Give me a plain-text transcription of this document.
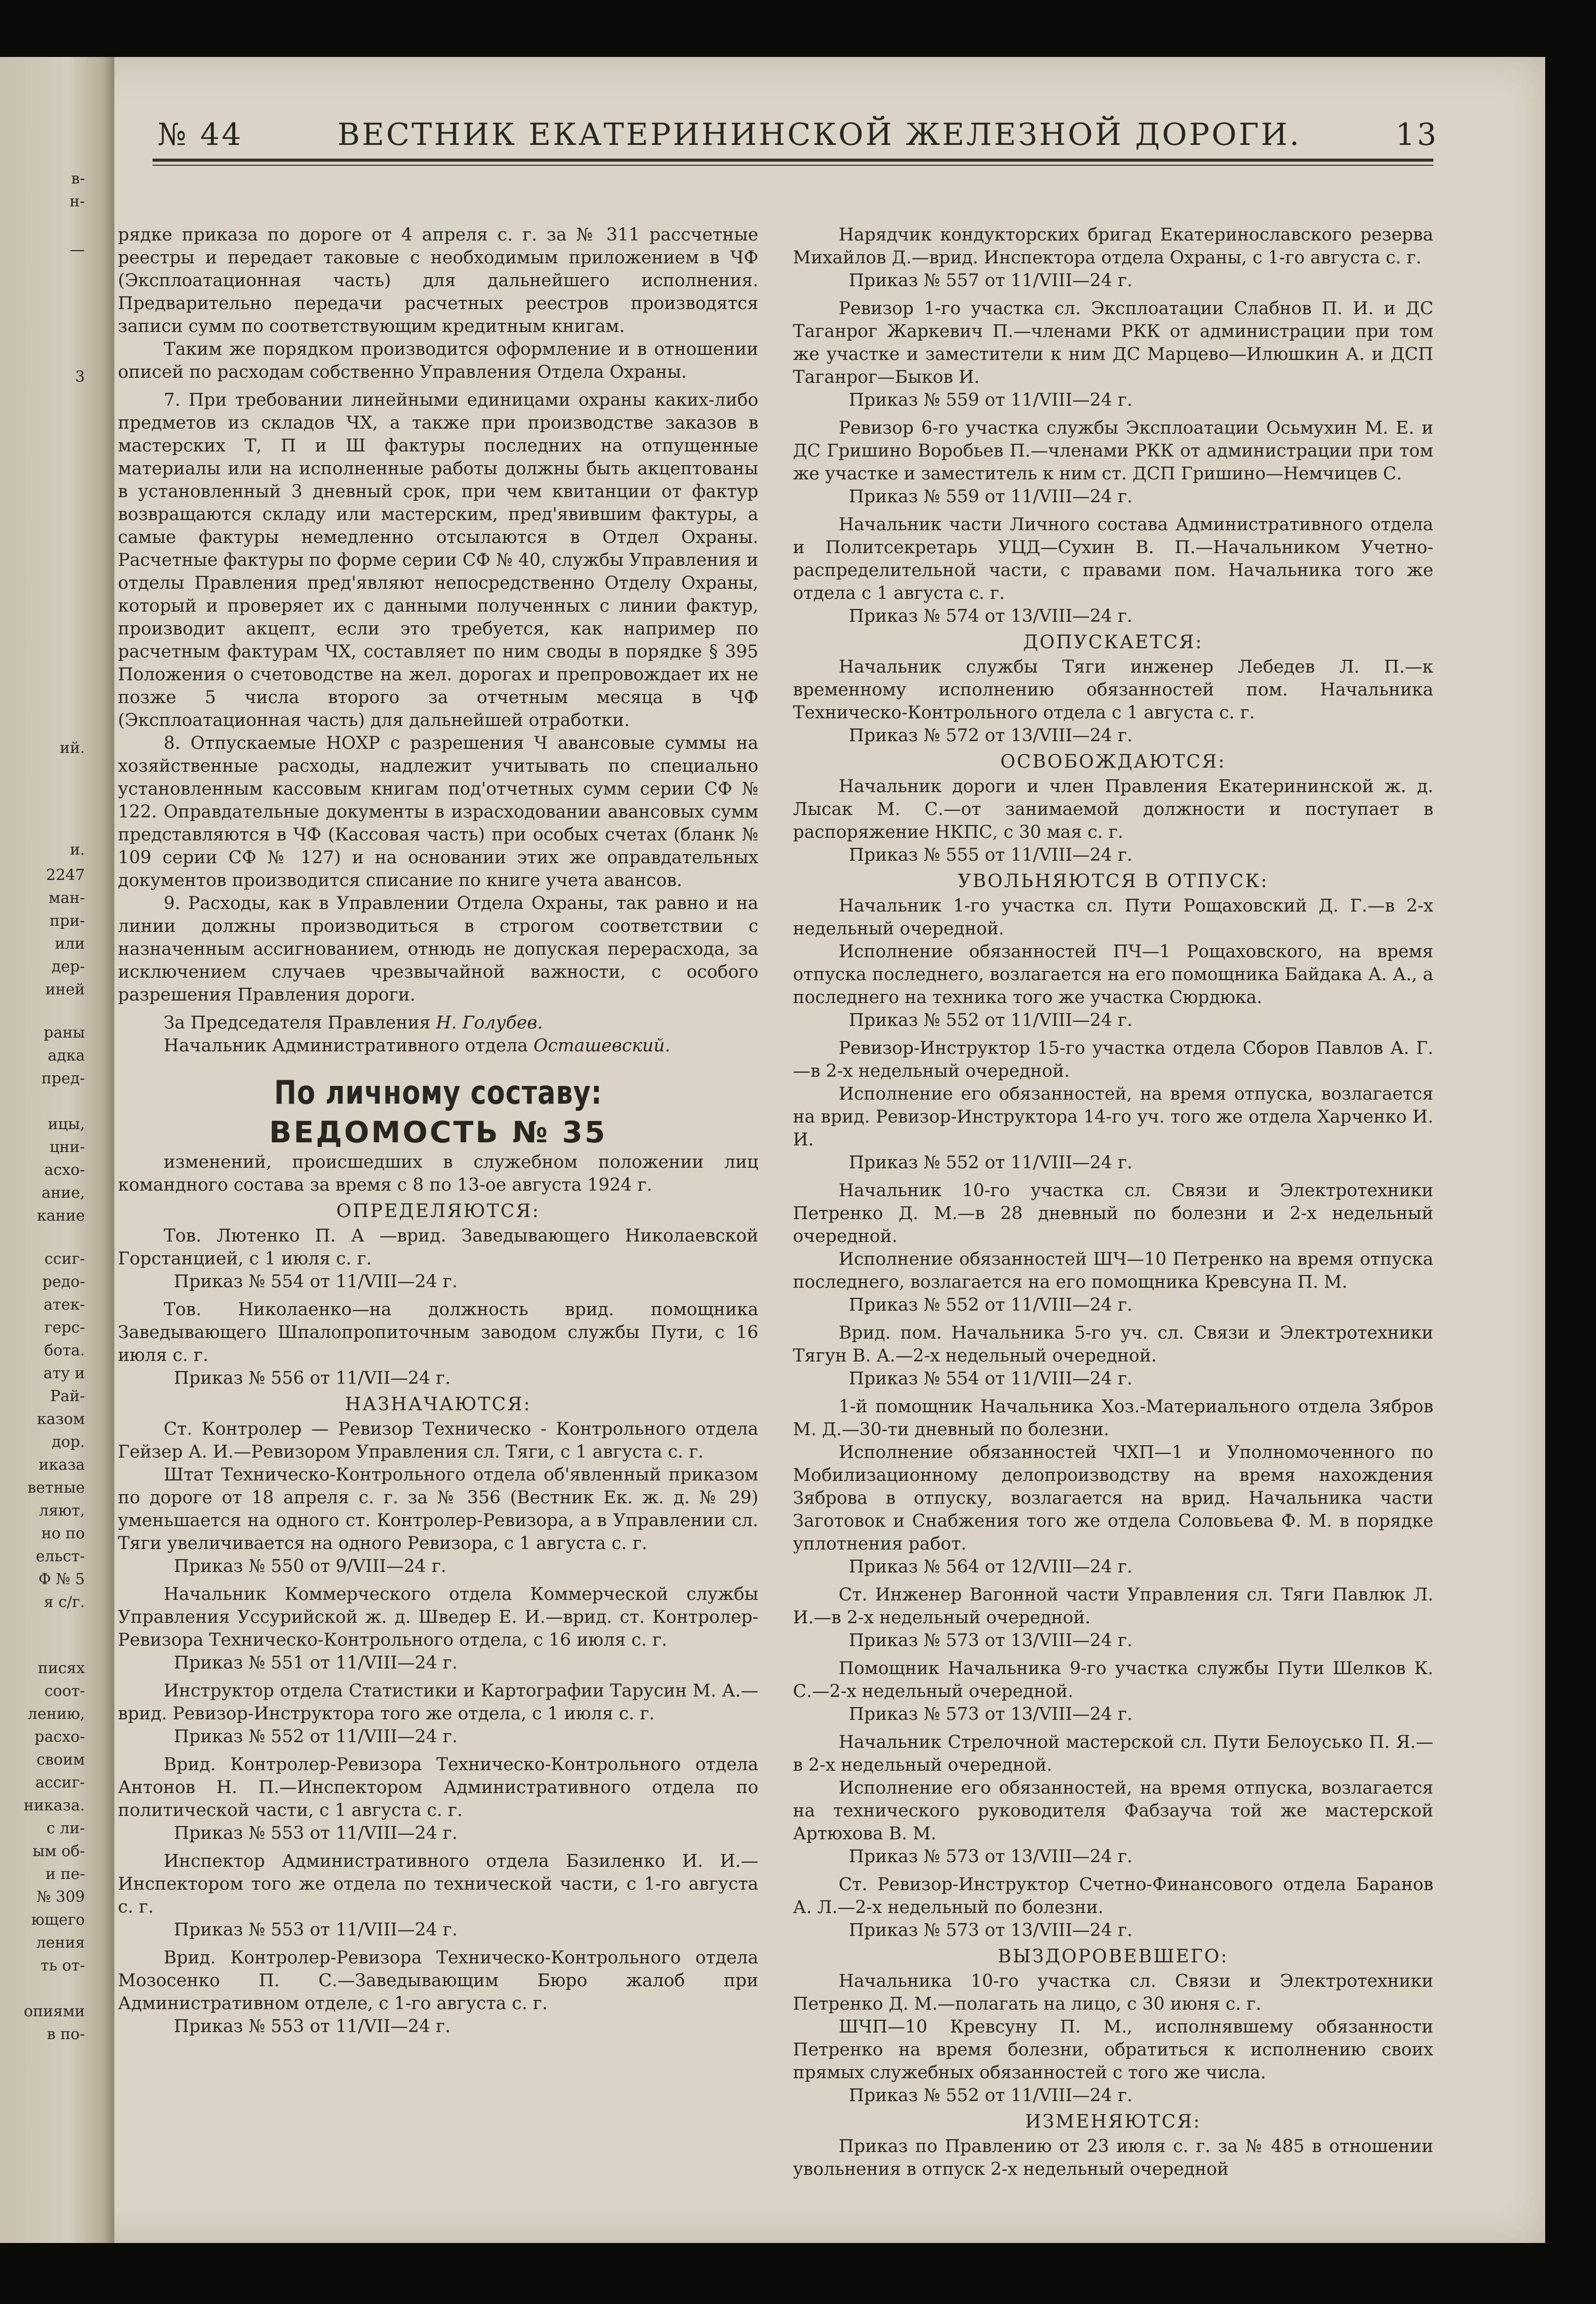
в-
н-
—
3
ий.
и.
2247
ман-
при-
или
дер-
иней
раны
адка
пред-
ицы,
цни-
асхо-
ание,
кание
ссиг-
редо-
атек-
герс-
бота.
ату и
Рай-
казом
дор.
иказа
ветные
ляют,
но по
ельст-
Ф № 5
я с/г.
писях
соот-
лению,
расхо-
своим
ассиг-
никаза.
с ли-
ым об-
и пе-
№ 309
ющего
ления
ть от-
опиями
в по-
№ 44	ВЕСТНИК ЕКАТЕРИНИНСКОЙ ЖЕЛЕЗНОЙ ДОРОГИ.	13

рядке приказа по дороге от 4 апреля с. г. за № 311 рассчетные реестры и передает таковые с необходимым приложением в ЧФ (Эксплоатационная часть) для дальнейшего исполнения. Предварительно передачи расчетных реестров производятся записи сумм по соответствующим кредитным книгам.

Таким же порядком производится оформление и в отношении описей по расходам собственно Управления Отдела Охраны.

7. При требовании линейными единицами охраны каких-либо предметов из складов ЧХ, а также при производстве заказов в мастерских Т, П и Ш фактуры последних на отпущенные материалы или на исполненные работы должны быть акцептованы в установленный 3 дневный срок, при чем квитанции от фактур возвращаются складу или мастерским, пред'явившим фактуры, а самые фактуры немедленно отсылаются в Отдел Охраны. Расчетные фактуры по форме серии СФ № 40, службы Управления и отделы Правления пред'являют непосредственно Отделу Охраны, который и проверяет их с данными полученных с линии фактур, производит акцепт, если это требуется, как например по расчетным фактурам ЧХ, составляет по ним своды в порядке § 395 Положения о счетоводстве на жел. дорогах и препровождает их не позже 5 числа второго за отчетным месяца в ЧФ (Эксплоатационная часть) для дальнейшей отработки.

8. Отпускаемые НОХР с разрешения Ч авансовые суммы на хозяйственные расходы, надлежит учитывать по специально установленным кассовым книгам под'отчетных сумм серии СФ № 122. Оправдательные документы в израсходовании авансовых сумм представляются в ЧФ (Кассовая часть) при особых счетах (бланк № 109 серии СФ № 127) и на основании этих же оправдательных документов производится списание по книге учета авансов.

9. Расходы, как в Управлении Отдела Охраны, так равно и на линии должны производиться в строгом соответствии с назначенным ассигнованием, отнюдь не допуская перерасхода, за исключением случаев чрезвычайной важности, с особого разрешения Правления дороги.

За Председателя Правления Н. Голубев.

Начальник Административного отдела Осташевский.

По личному составу:
ВЕДОМОСТЬ № 35

изменений, происшедших в служебном положении лиц командного состава за время с 8 по 13-ое августа 1924 г.

ОПРЕДЕЛЯЮТСЯ:

Тов. Лютенко П. А —врид. Заведывающего Николаевской Горстанцией, с 1 июля с. г.

Приказ № 554 от 11/VIII—24 г.

Тов. Николаенко—на должность врид. помощника Заведывающего Шпалопропиточным заводом службы Пути, с 16 июля с. г.

Приказ № 556 от 11/VII—24 г.

НАЗНАЧАЮТСЯ:

Ст. Контролер — Ревизор Техническо - Контрольного отдела Гейзер А. И.—Ревизором Управления сл. Тяги, с 1 августа с. г.

Штат Техническо-Контрольного отдела об'явленный приказом по дороге от 18 апреля с. г. за № 356 (Вестник Ек. ж. д. № 29) уменьшается на одного ст. Контролер-Ревизора, а в Управлении сл. Тяги увеличивается на одного Ревизора, с 1 августа с. г.

Приказ № 550 от 9/VIII—24 г.

Начальник Коммерческого отдела Коммерческой службы Управления Уссурийской ж. д. Шведер Е. И.—врид. ст. Контролер-Ревизора Техническо-Контрольного отдела, с 16 июля с. г.

Приказ № 551 от 11/VIII—24 г.

Инструктор отдела Статистики и Картографии Тарусин М. А.—врид. Ревизор-Инструктора того же отдела, с 1 июля с. г.

Приказ № 552 от 11/VIII—24 г.

Врид. Контролер-Ревизора Техническо-Контрольного отдела Антонов Н. П.—Инспектором Административного отдела по политической части, с 1 августа с. г.

Приказ № 553 от 11/VIII—24 г.

Инспектор Административного отдела Базиленко И. И.—Инспектором того же отдела по технической части, с 1-го августа с. г.

Приказ № 553 от 11/VIII—24 г.

Врид. Контролер-Ревизора Техническо-Контрольного отдела Мозосенко П. С.—Заведывающим Бюро жалоб при Административном отделе, с 1-го августа с. г.

Приказ № 553 от 11/VII—24 г.

Нарядчик кондукторских бригад Екатеринославского резерва Михайлов Д.—врид. Инспектора отдела Охраны, с 1-го августа с. г.

Приказ № 557 от 11/VIII—24 г.

Ревизор 1-го участка сл. Эксплоатации Слабнов П. И. и ДС Таганрог Жаркевич П.—членами РКК от администрации при том же участке и заместители к ним ДС Марцево—Илюшкин А. и ДСП Таганрог—Быков И.

Приказ № 559 от 11/VIII—24 г.

Ревизор 6-го участка службы Эксплоатации Осьмухин М. Е. и ДС Гришино Воробьев П.—членами РКК от администрации при том же участке и заместитель к ним ст. ДСП Гришино—Немчицев С.

Приказ № 559 от 11/VIII—24 г.

Начальник части Личного состава Административного отдела и Политсекретарь УЦД—Сухин В. П.—Начальником Учетно-распределительной части, с правами пом. Начальника того же отдела с 1 августа с. г.

Приказ № 574 от 13/VIII—24 г.

ДОПУСКАЕТСЯ:

Начальник службы Тяги инженер Лебедев Л. П.—к временному исполнению обязанностей пом. Начальника Техническо-Контрольного отдела с 1 августа с. г.

Приказ № 572 от 13/VIII—24 г.

ОСВОБОЖДАЮТСЯ:

Начальник дороги и член Правления Екатерининской ж. д. Лысак М. С.—от занимаемой должности и поступает в распоряжение НКПС, с 30 мая с. г.

Приказ № 555 от 11/VIII—24 г.

УВОЛЬНЯЮТСЯ В ОТПУСК:

Начальник 1-го участка сл. Пути Рощаховский Д. Г.—в 2-х недельный очередной.

Исполнение обязанностей ПЧ—1 Рощаховского, на время отпуска последнего, возлагается на его помощника Байдака А. А., а последнего на техника того же участка Сюрдюка.

Приказ № 552 от 11/VIII—24 г.

Ревизор-Инструктор 15-го участка отдела Сборов Павлов А. Г.—в 2-х недельный очередной.

Исполнение его обязанностей, на время отпуска, возлагается на врид. Ревизор-Инструктора 14-го уч. того же отдела Харченко И. И.

Приказ № 552 от 11/VIII—24 г.

Начальник 10-го участка сл. Связи и Электротехники Петренко Д. М.—в 28 дневный по болезни и 2-х недельный очередной.

Исполнение обязанностей ШЧ—10 Петренко на время отпуска последнего, возлагается на его помощника Кревсуна П. М.

Приказ № 552 от 11/VIII—24 г.

Врид. пом. Начальника 5-го уч. сл. Связи и Электротехники Тягун В. А.—2-х недельный очередной.

Приказ № 554 от 11/VIII—24 г.

1-й помощник Начальника Хоз.-Материального отдела Зябров М. Д.—30-ти дневный по болезни.

Исполнение обязанностей ЧХП—1 и Уполномоченного по Мобилизационному делопроизводству на время нахождения Зяброва в отпуску, возлагается на врид. Начальника части Заготовок и Снабжения того же отдела Соловьева Ф. М. в порядке уплотнения работ.

Приказ № 564 от 12/VIII—24 г.

Ст. Инженер Вагонной части Управления сл. Тяги Павлюк Л. И.—в 2-х недельный очередной.

Приказ № 573 от 13/VIII—24 г.

Помощник Начальника 9-го участка службы Пути Шелков К. С.—2-х недельный очередной.

Приказ № 573 от 13/VIII—24 г.

Начальник Стрелочной мастерской сл. Пути Белоусько П. Я.—в 2-х недельный очередной.

Исполнение его обязанностей, на время отпуска, возлагается на технического руководителя Фабзауча той же мастерской Артюхова В. М.

Приказ № 573 от 13/VIII—24 г.

Ст. Ревизор-Инструктор Счетно-Финансового отдела Баранов А. Л.—2-х недельный по болезни.

Приказ № 573 от 13/VIII—24 г.

ВЫЗДОРОВЕВШЕГО:

Начальника 10-го участка сл. Связи и Электротехники Петренко Д. М.—полагать на лицо, с 30 июня с. г.

ШЧП—10 Кревсуну П. М., исполнявшему обязанности Петренко на время болезни, обратиться к исполнению своих прямых служебных обязанностей с того же числа.

Приказ № 552 от 11/VIII—24 г.

ИЗМЕНЯЮТСЯ:

Приказ по Правлению от 23 июля с. г. за № 485 в отношении увольнения в отпуск 2-х недельный очередной
